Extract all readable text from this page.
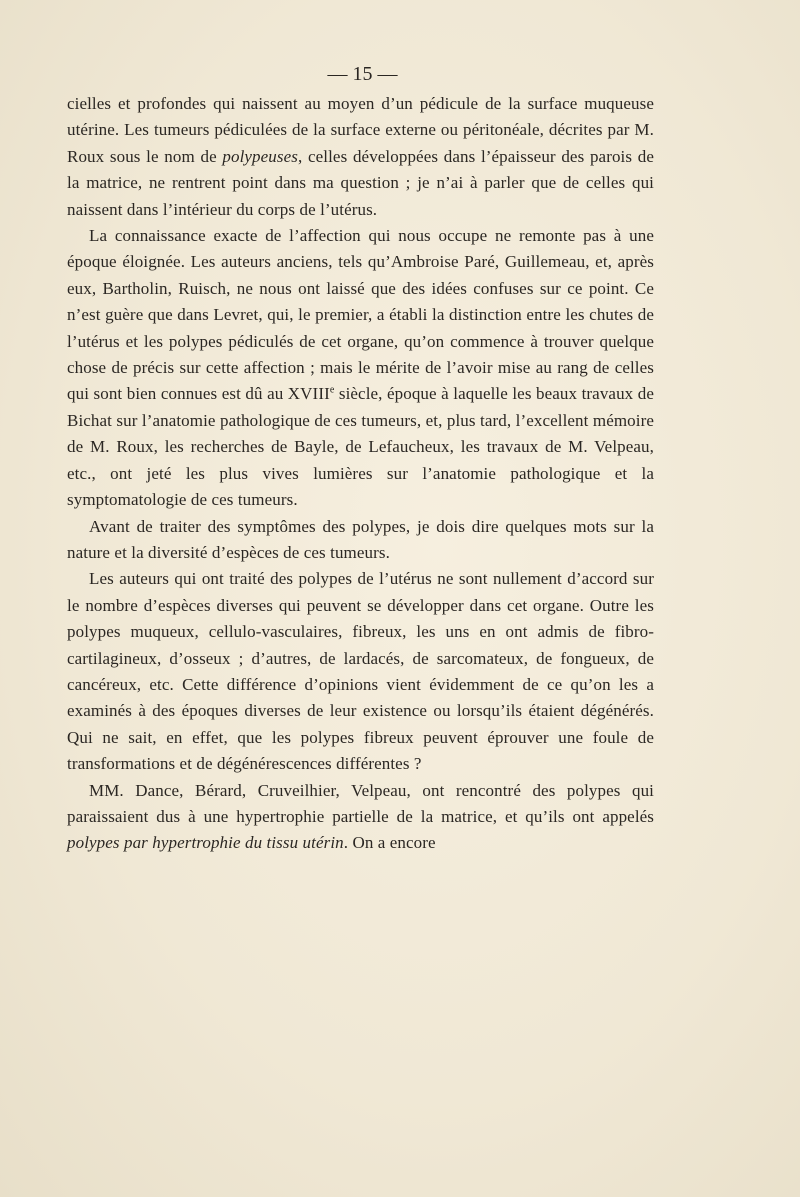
— 15 —

cielles et profondes qui naissent au moyen d’un pédicule de la surface muqueuse utérine. Les tumeurs pédiculées de la surface externe ou péritonéale, décrites par M. Roux sous le nom de polypeuses, celles développées dans l’épaisseur des parois de la matrice, ne rentrent point dans ma question ; je n’ai à parler que de celles qui naissent dans l’intérieur du corps de l’utérus.

La connaissance exacte de l’affection qui nous occupe ne remonte pas à une époque éloignée. Les auteurs anciens, tels qu’Ambroise Paré, Guillemeau, et, après eux, Bartholin, Ruisch, ne nous ont laissé que des idées confuses sur ce point. Ce n’est guère que dans Levret, qui, le premier, a établi la distinction entre les chutes de l’utérus et les polypes pédiculés de cet organe, qu’on commence à trouver quelque chose de précis sur cette affection ; mais le mérite de l’avoir mise au rang de celles qui sont bien connues est dû au XVIIIe siècle, époque à laquelle les beaux travaux de Bichat sur l’anatomie pathologique de ces tumeurs, et, plus tard, l’excellent mémoire de M. Roux, les recherches de Bayle, de Lefaucheux, les travaux de M. Velpeau, etc., ont jeté les plus vives lumières sur l’anatomie pathologique et la symptomatologie de ces tumeurs.

Avant de traiter des symptômes des polypes, je dois dire quelques mots sur la nature et la diversité d’espèces de ces tumeurs.

Les auteurs qui ont traité des polypes de l’utérus ne sont nullement d’accord sur le nombre d’espèces diverses qui peuvent se développer dans cet organe. Outre les polypes muqueux, cellulo-vasculaires, fibreux, les uns en ont admis de fibro-cartilagineux, d’osseux ; d’autres, de lardacés, de sarcomateux, de fongueux, de cancéreux, etc. Cette différence d’opinions vient évidemment de ce qu’on les a examinés à des époques diverses de leur existence ou lorsqu’ils étaient dégénérés. Qui ne sait, en effet, que les polypes fibreux peuvent éprouver une foule de transformations et de dégénérescences différentes ?

MM. Dance, Bérard, Cruveilhier, Velpeau, ont rencontré des polypes qui paraissaient dus à une hypertrophie partielle de la matrice, et qu’ils ont appelés polypes par hypertrophie du tissu utérin. On a encore
